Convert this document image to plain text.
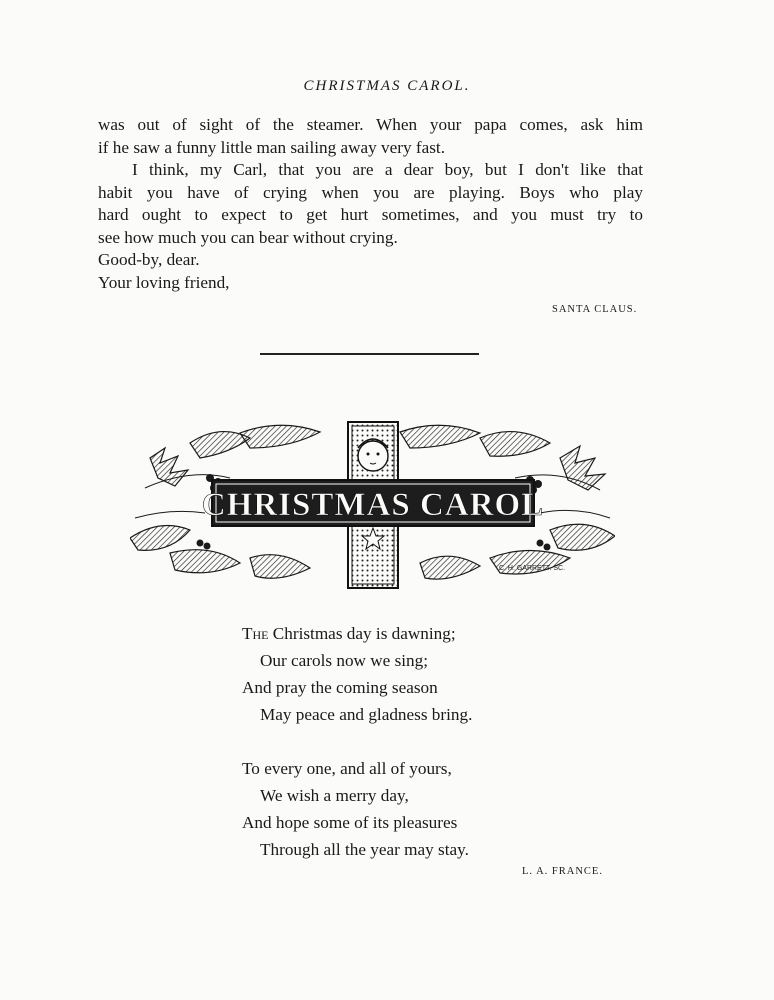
CHRISTMAS CAROL.

was out of sight of the steamer. When your papa comes, ask him

if he saw a funny little man sailing away very fast.

I think, my Carl, that you are a dear boy, but I don't like that

habit you have of crying when you are playing. Boys who play

hard ought to expect to get hurt sometimes, and you must try to

see how much you can bear without crying.

Good-by, dear.

Your loving friend,

SANTA CLAUS.
CHRISTMAS CAROL
C. H. GARRETT. SC.
The Christmas day is dawning;
Our carols now we sing;
And pray the coming season
May peace and gladness bring.
To every one, and all of yours,
We wish a merry day,
And hope some of its pleasures
Through all the year may stay.
L. A. FRANCE.
